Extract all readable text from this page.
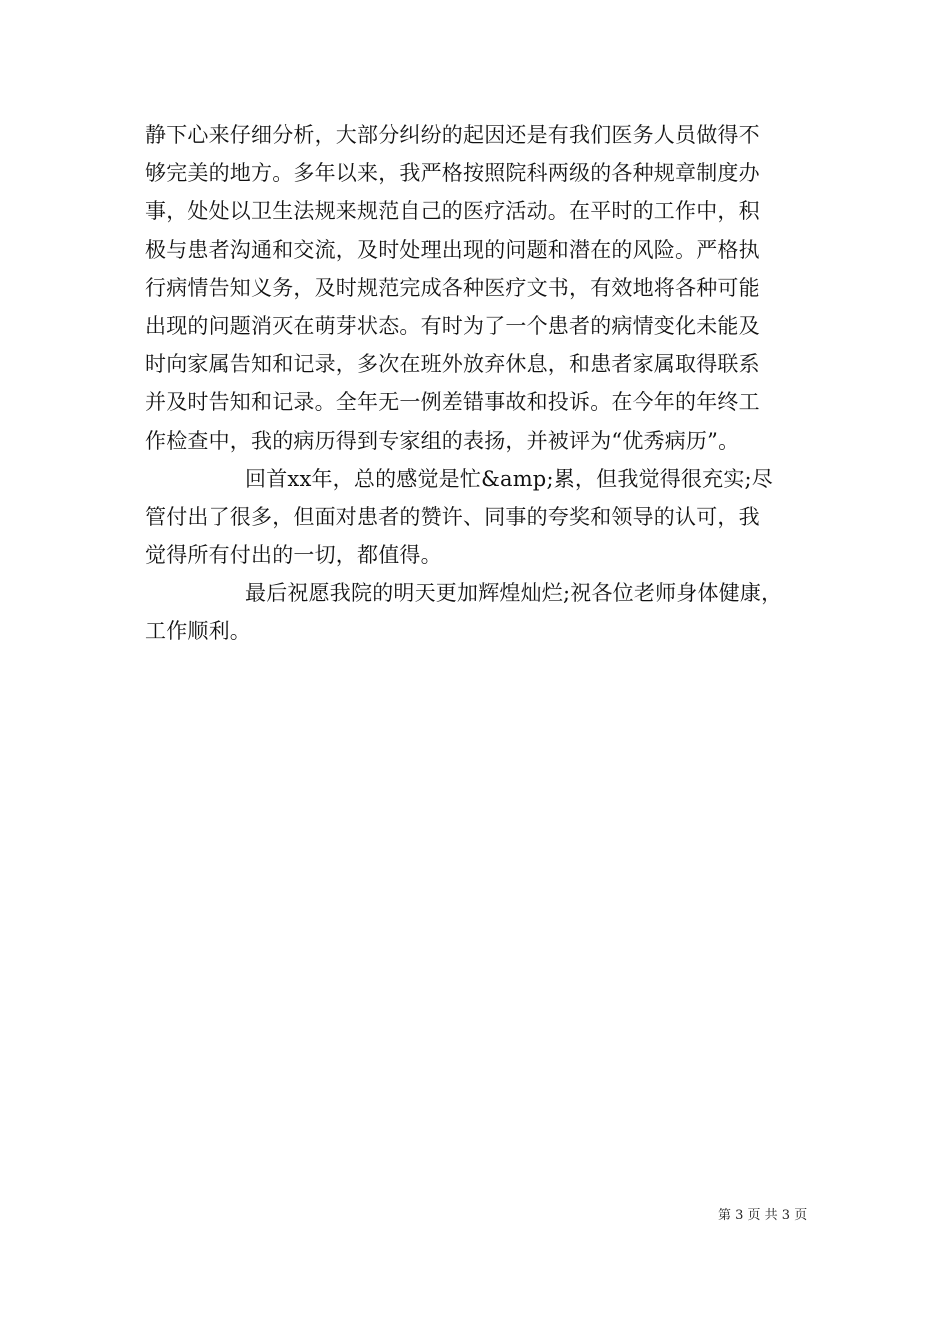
静下心来仔细分析，大部分纠纷的起因还是有我们医务人员做得不
够完美的地方。多年以来，我严格按照院科两级的各种规章制度办
事，处处以卫生法规来规范自己的医疗活动。在平时的工作中，积
极与患者沟通和交流，及时处理出现的问题和潜在的风险。严格执
行病情告知义务，及时规范完成各种医疗文书，有效地将各种可能
出现的问题消灭在萌芽状态。有时为了一个患者的病情变化未能及
时向家属告知和记录，多次在班外放弃休息，和患者家属取得联系
并及时告知和记录。全年无一例差错事故和投诉。在今年的年终工
作检查中，我的病历得到专家组的表扬，并被评为“优秀病历”。
回首xx年，总的感觉是忙&amp;累，但我觉得很充实;尽
管付出了很多，但面对患者的赞许、同事的夸奖和领导的认可，我
觉得所有付出的一切，都值得。
最后祝愿我院的明天更加辉煌灿烂;祝各位老师身体健康，
工作顺利。
第 3 页 共 3 页
